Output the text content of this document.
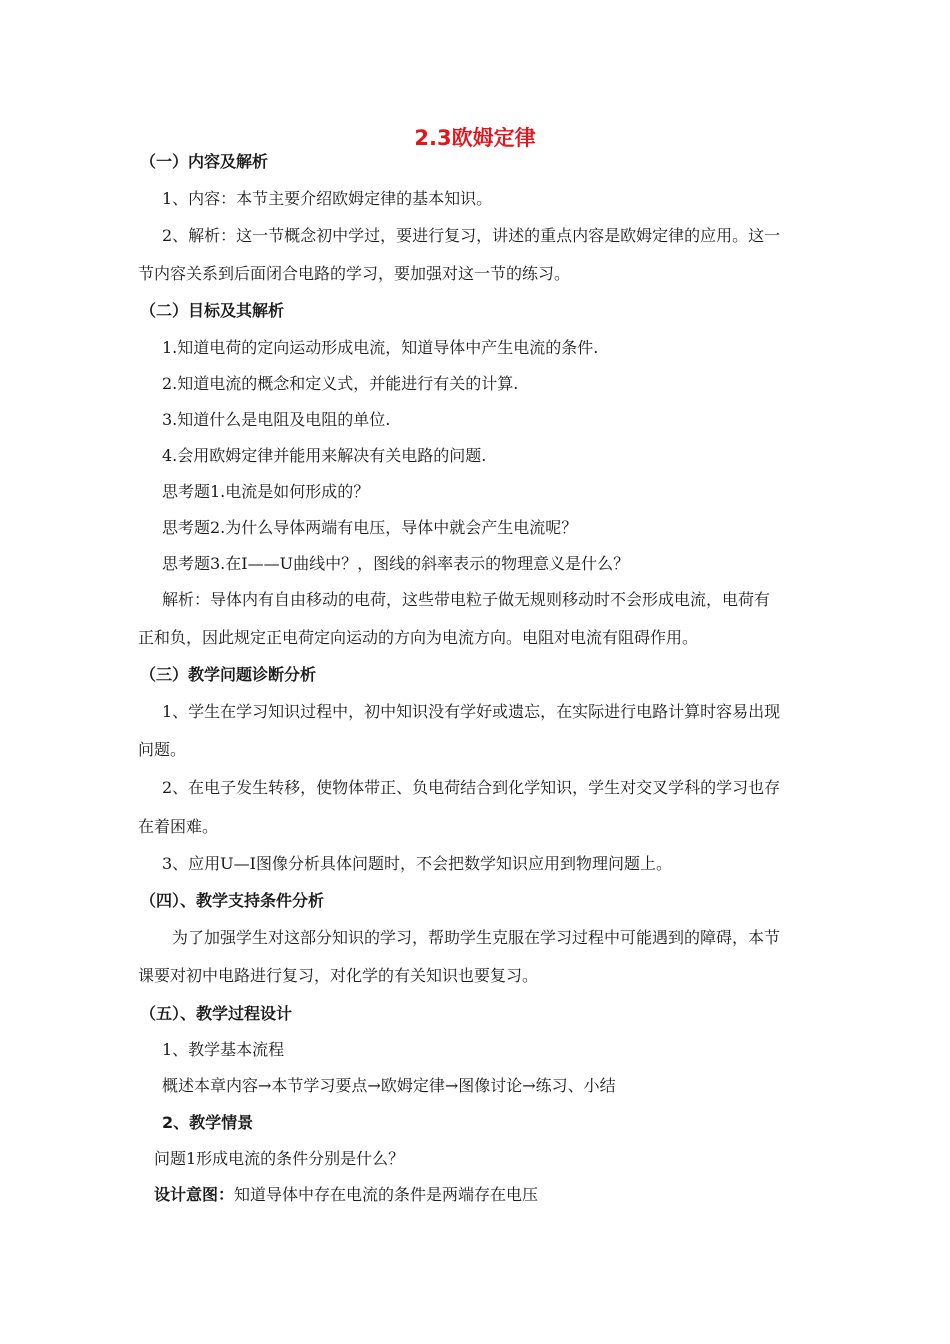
2.3欧姆定律
（一）内容及解析
1、内容：本节主要介绍欧姆定律的基本知识。
2、解析：这一节概念初中学过，要进行复习，讲述的重点内容是欧姆定律的应用。这一
节内容关系到后面闭合电路的学习，要加强对这一节的练习。
（二）目标及其解析
1.知道电荷的定向运动形成电流，知道导体中产生电流的条件.
2.知道电流的概念和定义式，并能进行有关的计算.
3.知道什么是电阻及电阻的单位.
4.会用欧姆定律并能用来解决有关电路的问题.
思考题1.电流是如何形成的？
思考题2.为什么导体两端有电压，导体中就会产生电流呢？
思考题3.在I——U曲线中？，图线的斜率表示的物理意义是什么？
解析：导体内有自由移动的电荷，这些带电粒子做无规则移动时不会形成电流，电荷有
正和负，因此规定正电荷定向运动的方向为电流方向。电阻对电流有阻碍作用。
（三）教学问题诊断分析
1、学生在学习知识过程中，初中知识没有学好或遗忘，在实际进行电路计算时容易出现
问题。
2、在电子发生转移，使物体带正、负电荷结合到化学知识，学生对交叉学科的学习也存
在着困难。
3、应用U—I图像分析具体问题时，不会把数学知识应用到物理问题上。
（四）、教学支持条件分析
为了加强学生对这部分知识的学习，帮助学生克服在学习过程中可能遇到的障碍，本节
课要对初中电路进行复习，对化学的有关知识也要复习。
（五）、教学过程设计
1、教学基本流程
概述本章内容→本节学习要点→欧姆定律→图像讨论→练习、小结
2、教学情景
问题1形成电流的条件分别是什么？
设计意图：知道导体中存在电流的条件是两端存在电压
